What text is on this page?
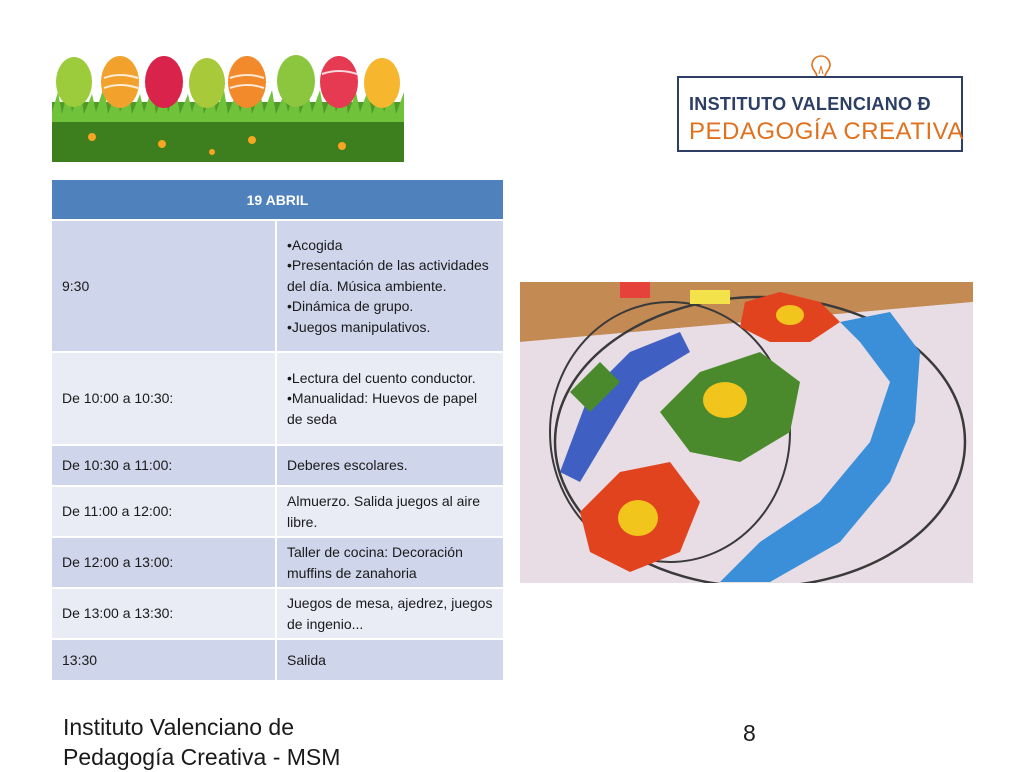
INSTITUTO VALENCIANO Đ
PEDAGOGÍA CREATIVA
19 ABRIL	
9:30	•Acogida
•Presentación de las actividades del día. Música ambiente.
•Dinámica de grupo.
•Juegos manipulativos.

De 10:00 a 10:30:	•Lectura del cuento conductor.
•Manualidad: Huevos de papel de seda

De 10:30 a 11:00:	Deberes escolares.
De 11:00 a 12:00:	Almuerzo. Salida juegos al aire libre.
De 12:00 a 13:00:	Taller de cocina: Decoración muffins de zanahoria
De 13:00 a 13:30:	Juegos de mesa, ajedrez, juegos de ingenio...
13:30	Salida
Instituto Valenciano de
Pedagogía Creativa - MSM
8
